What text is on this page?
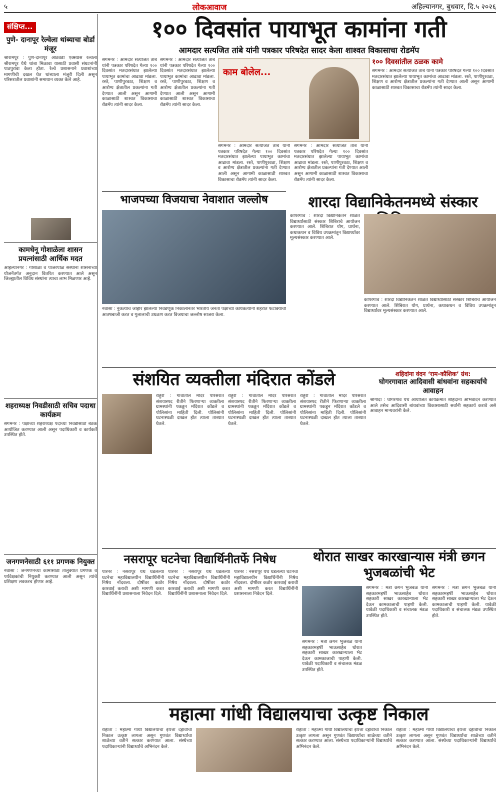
५	लोकआवाज	अहिल्यानगर, बुधवार, दि.५ २०२६
संक्षिप्त...
पुणे- दानापूर रेल्वेला थांब्याचा बोर्डा मंजूर
श्रीरामपूर : पुणे-दानापूर आठवडी एक्सप्रेस रेल्वेला श्रीरामपूर येथे थांबा मिळावा यासाठी प्रवासी संघटनांनी पाठपुरावा केला होता. रेल्वे प्रशासनाने प्रवाशांच्या मागणीची दखल घेत थांब्याला मंजुरी दिली असून परिसरातील प्रवाशांनी समाधान व्यक्त केले आहे.
कामधेनू गोशाळेला शासन प्रयत्नांसाठी आर्थिक मदत
अहिल्यानगर : गोशाळा व पांजरपोळ संस्थांना शासनाच्या योजनेंतर्गत अनुदान वितरित करण्यात आले असून जिल्ह्यातील विविध संस्थांना त्याचा लाभ मिळणार आहे.
शहराध्यक्ष निवडीसाठी सचिव पदाधा कार्यक्रम
संगमनेर : पक्षाच्या शहराध्यक्ष पदाच्या निवडीसाठी बैठक आयोजित करण्यात आली असून पदाधिकारी व कार्यकर्ते उपस्थित होते.
जनगणनेसाठी ६११ प्रगणक नियुक्त
नेवासा : जनगणनेच्या कामासाठी तालुक्यात प्रगणक व पर्यवेक्षकांची नियुक्ती करण्यात आली असून त्यांचे प्रशिक्षण लवकरच होणार आहे.
१०० दिवसांत पायाभूत कामांना गती
आमदार सत्यजित तांबे यांनी पत्रकार परिषदेत सादर केला शाश्वत विकासाचा रोडमॅप
संगमनेर : आमदार सत्यजित तांबे यांनी पत्रकार परिषदेत गेल्या १०० दिवसांत मतदारसंघात झालेल्या पायाभूत कामांचा आढावा मांडला. रस्ते, पाणीपुरवठा, शिक्षण व आरोग्य क्षेत्रातील प्रकल्पांना गती देण्यात आली असून आगामी काळासाठी शाश्वत विकासाचा रोडमॅप त्यांनी सादर केला.
संगमनेर : आमदार सत्यजित तांबे यांनी पत्रकार परिषदेत गेल्या १०० दिवसांत मतदारसंघात झालेल्या पायाभूत कामांचा आढावा मांडला. रस्ते, पाणीपुरवठा, शिक्षण व आरोग्य क्षेत्रातील प्रकल्पांना गती देण्यात आली असून आगामी काळासाठी शाश्वत विकासाचा रोडमॅप त्यांनी सादर केला.
काम बोलेल...
संगमनेर : आमदार सत्यजित तांबे यांनी पत्रकार परिषदेत गेल्या १०० दिवसांत मतदारसंघात झालेल्या पायाभूत कामांचा आढावा मांडला. रस्ते, पाणीपुरवठा, शिक्षण व आरोग्य क्षेत्रातील प्रकल्पांना गती देण्यात आली असून आगामी काळासाठी शाश्वत विकासाचा रोडमॅप त्यांनी सादर केला.
संगमनेर : आमदार सत्यजित तांबे यांनी पत्रकार परिषदेत गेल्या १०० दिवसांत मतदारसंघात झालेल्या पायाभूत कामांचा आढावा मांडला. रस्ते, पाणीपुरवठा, शिक्षण व आरोग्य क्षेत्रातील प्रकल्पांना गती देण्यात आली असून आगामी काळासाठी शाश्वत विकासाचा रोडमॅप त्यांनी सादर केला.
१०० दिवसांतील ठळक कामे
संगमनेर : आमदार सत्यजित तांबे यांनी पत्रकार परिषदेत गेल्या १०० दिवसांत मतदारसंघात झालेल्या पायाभूत कामांचा आढावा मांडला. रस्ते, पाणीपुरवठा, शिक्षण व आरोग्य क्षेत्रातील प्रकल्पांना गती देण्यात आली असून आगामी काळासाठी शाश्वत विकासाचा रोडमॅप त्यांनी सादर केला.
भाजपच्या विजयाचा नेवाशात जल्लोष
नेवासा : नुकत्याच जाहीर झालेल्या निवडणूक निकालानंतर भारतीय जनता पक्षाच्या कार्यकर्त्यांनी शहरात फटाक्यांची आतषबाजी करत व गुलालाची उधळण करत विजयाचा जल्लोष साजरा केला.
शारदा विद्यानिकेतनमध्ये संस्कार
कोपरगाव : शारदा विद्यानिकेतन शाळेत विद्यार्थ्यांसाठी संस्कार शिबिराचे आयोजन करण्यात आले. शिबिरात योग, प्रार्थना, कथाकथन व विविध उपक्रमांतून विद्यार्थ्यांवर मूल्यसंस्कार करण्यात आले.
कोपरगाव : शारदा विद्यानिकेतन शाळेत विद्यार्थ्यांसाठी संस्कार शिबिराचे आयोजन करण्यात आले. शिबिरात योग, प्रार्थना, कथाकथन व विविध उपक्रमांतून विद्यार्थ्यांवर मूल्यसंस्कार करण्यात आले.
संशयित व्यक्तीला मंदिरात कोंडले
राहुरी : गावातील मंदिर परिसरात संशयास्पद रीतीने फिरणाऱ्या व्यक्तीला ग्रामस्थांनी पकडून मंदिरात कोंडले व पोलिसांना माहिती दिली. पोलिसांनी घटनास्थळी दाखल होत त्याला ताब्यात घेतले.
राहुरी : गावातील मंदिर परिसरात संशयास्पद रीतीने फिरणाऱ्या व्यक्तीला ग्रामस्थांनी पकडून मंदिरात कोंडले व पोलिसांना माहिती दिली. पोलिसांनी घटनास्थळी दाखल होत त्याला ताब्यात घेतले.
राहुरी : गावातील मंदिर परिसरात संशयास्पद रीतीने फिरणाऱ्या व्यक्तीला ग्रामस्थांनी पकडून मंदिरात कोंडले व पोलिसांना माहिती दिली. पोलिसांनी घटनास्थळी दाखल होत त्याला ताब्यात घेतले.
शहिदांना वंदन ‘राम-कौशिक’ ग्रंथ:
घोगरगावात आदिवासी बांधवांना सहकार्याचे आवाहन
श्रीगोंदा : घोगरगाव येथे आयोजित कार्यक्रमात शहिदांना अभिवादन करण्यात आले तसेच आदिवासी बांधवांच्या विकासासाठी सर्वांनी सहकार्य करावे असे आवाहन मान्यवरांनी केले.
नसरापूर घटनेचा विद्यार्थिनीतर्फे निषेध
पारनेर : नसरापूर येथे घडलेल्या घटनेचा महाविद्यालयीन विद्यार्थिनींनी निषेध नोंदवला. दोषींवर कठोर कारवाई करावी अशी मागणी करत विद्यार्थिनींनी प्रशासनाला निवेदन दिले.
पारनेर : नसरापूर येथे घडलेल्या घटनेचा महाविद्यालयीन विद्यार्थिनींनी निषेध नोंदवला. दोषींवर कठोर कारवाई करावी अशी मागणी करत विद्यार्थिनींनी प्रशासनाला निवेदन दिले.
पारनेर : नसरापूर येथे घडलेल्या घटनेचा महाविद्यालयीन विद्यार्थिनींनी निषेध नोंदवला. दोषींवर कठोर कारवाई करावी अशी मागणी करत विद्यार्थिनींनी प्रशासनाला निवेदन दिले.
थोरात साखर कारखान्यास मंत्री छगन भुजबळांची भेट
संगमनेर : मंत्री छगन भुजबळ यांनी सहकारमहर्षी भाऊसाहेब थोरात सहकारी साखर कारखान्याला भेट देऊन कामकाजाची पाहणी केली. यावेळी पदाधिकारी व संचालक मंडळ उपस्थित होते.
संगमनेर : मंत्री छगन भुजबळ यांनी सहकारमहर्षी भाऊसाहेब थोरात सहकारी साखर कारखान्याला भेट देऊन कामकाजाची पाहणी केली. यावेळी पदाधिकारी व संचालक मंडळ उपस्थित होते.
संगमनेर : मंत्री छगन भुजबळ यांनी सहकारमहर्षी भाऊसाहेब थोरात सहकारी साखर कारखान्याला भेट देऊन कामकाजाची पाहणी केली. यावेळी पदाधिकारी व संचालक मंडळ उपस्थित होते.
महात्मा गांधी विद्यालयाचा उत्कृष्ट निकाल
राहाता : महात्मा गांधी विद्यालयाचा इयत्ता दहावीचा निकाल उत्कृष्ट लागला असून गुणवंत विद्यार्थ्यांचा शाळेच्या वतीने सत्कार करण्यात आला. संस्थेच्या पदाधिकाऱ्यांनी विद्यार्थ्यांचे अभिनंदन केले.
राहाता : महात्मा गांधी विद्यालयाचा इयत्ता दहावीचा निकाल उत्कृष्ट लागला असून गुणवंत विद्यार्थ्यांचा शाळेच्या वतीने सत्कार करण्यात आला. संस्थेच्या पदाधिकाऱ्यांनी विद्यार्थ्यांचे अभिनंदन केले.
राहाता : महात्मा गांधी विद्यालयाचा इयत्ता दहावीचा निकाल उत्कृष्ट लागला असून गुणवंत विद्यार्थ्यांचा शाळेच्या वतीने सत्कार करण्यात आला. संस्थेच्या पदाधिकाऱ्यांनी विद्यार्थ्यांचे अभिनंदन केले.
